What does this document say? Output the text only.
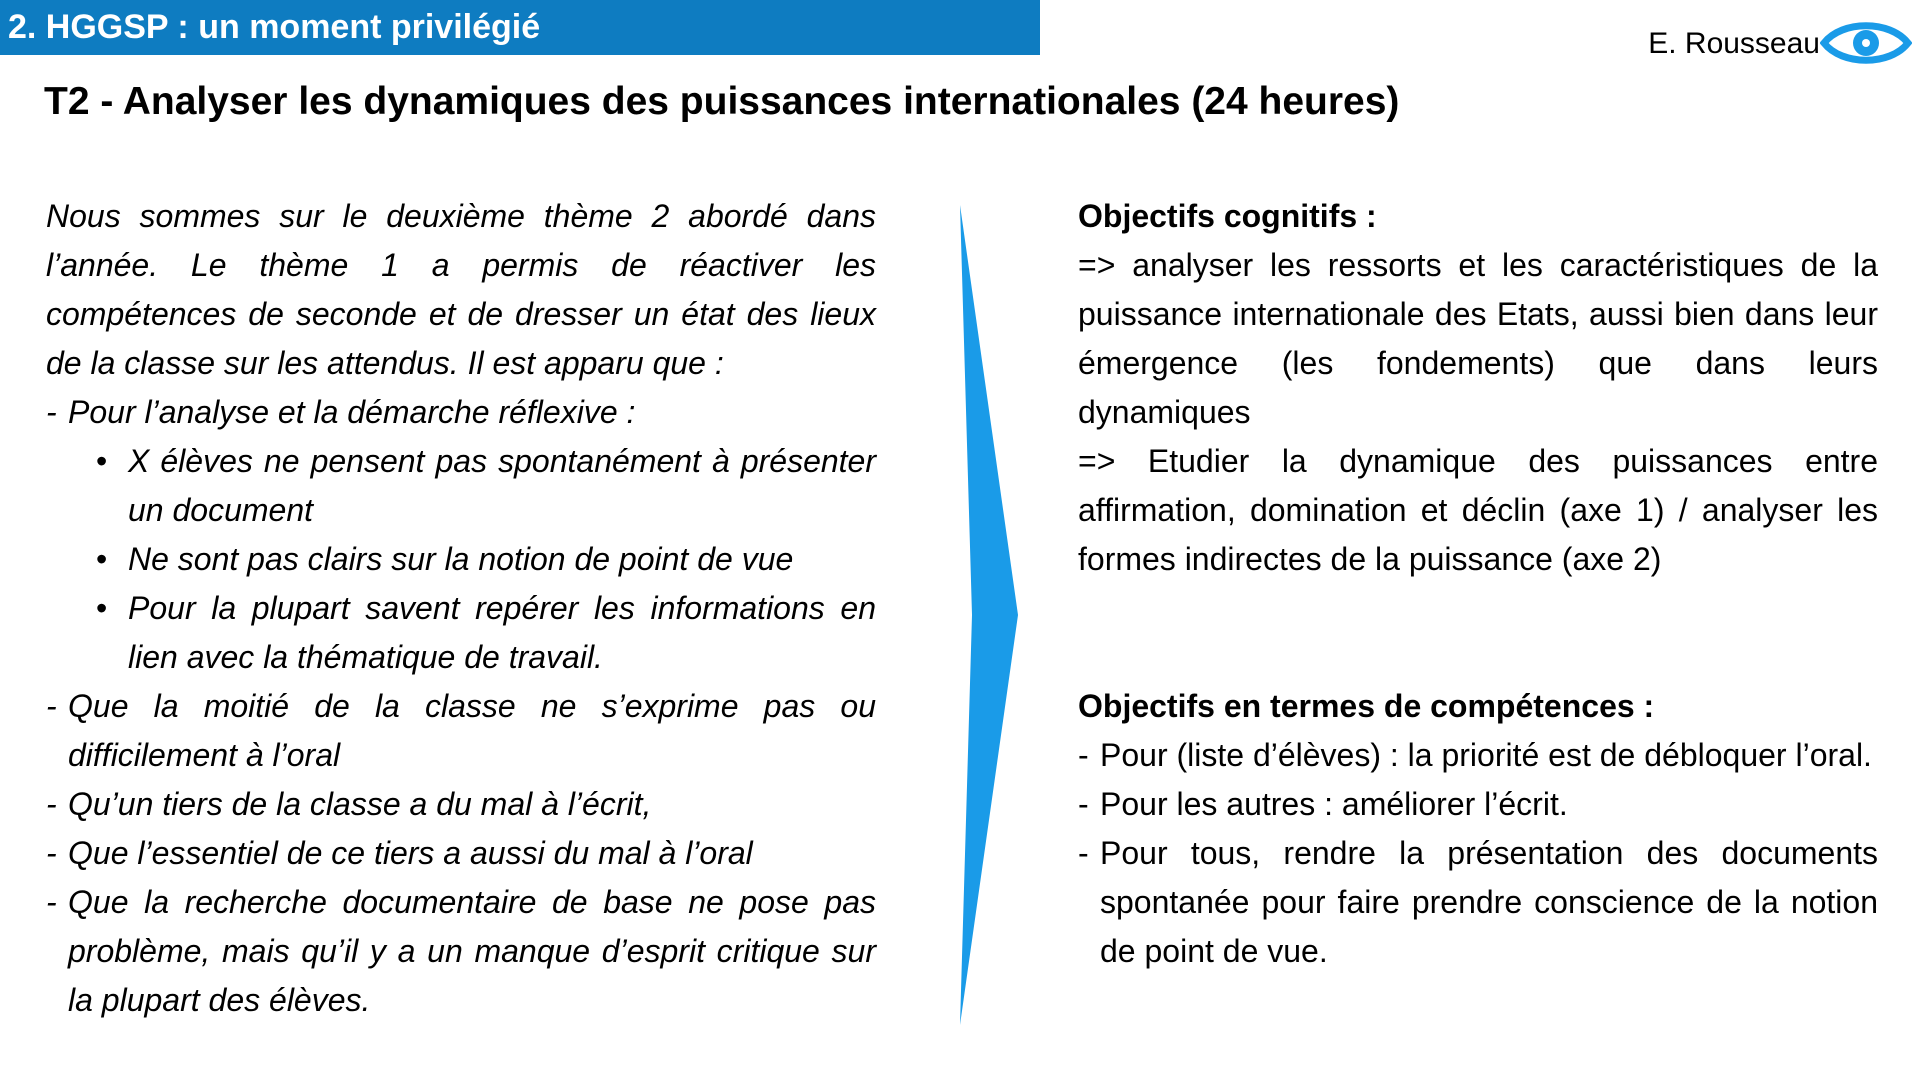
2. HGGSP : un moment privilégié	E. Rousseau
T2 - Analyser les dynamiques des puissances internationales (24 heures)

Nous sommes sur le deuxième thème 2 abordé dans l’année. Le thème 1 a permis de réactiver les compétences de seconde et de dresser un état des lieux de la classe sur les attendus. Il est apparu que :

- Pour l’analyse et la démarche réflexive :
• X élèves ne pensent pas spontanément à présenter un document
• Ne sont pas clairs sur la notion de point de vue
• Pour la plupart savent repérer les informations en lien avec la thématique de travail.
- Que la moitié de la classe ne s’exprime pas ou difficilement à l’oral
- Qu’un tiers de la classe a du mal à l’écrit,
- Que l’essentiel de ce tiers a aussi du mal à l’oral
- Que la recherche documentaire de base ne pose pas problème, mais qu’il y a un manque d’esprit critique sur la plupart des élèves.

Objectifs cognitifs :

=> analyser les ressorts et les caractéristiques de la puissance internationale des Etats, aussi bien dans leur émergence (les fondements) que dans leurs dynamiques

=> Etudier la dynamique des puissances entre affirmation, domination et déclin (axe 1) / analyser les formes indirectes de la puissance (axe 2)

Objectifs en termes de compétences :

- Pour (liste d’élèves) : la priorité est de débloquer l’oral.
- Pour les autres : améliorer l’écrit.
- Pour tous, rendre la présentation des documents spontanée pour faire prendre conscience de la notion de point de vue.
